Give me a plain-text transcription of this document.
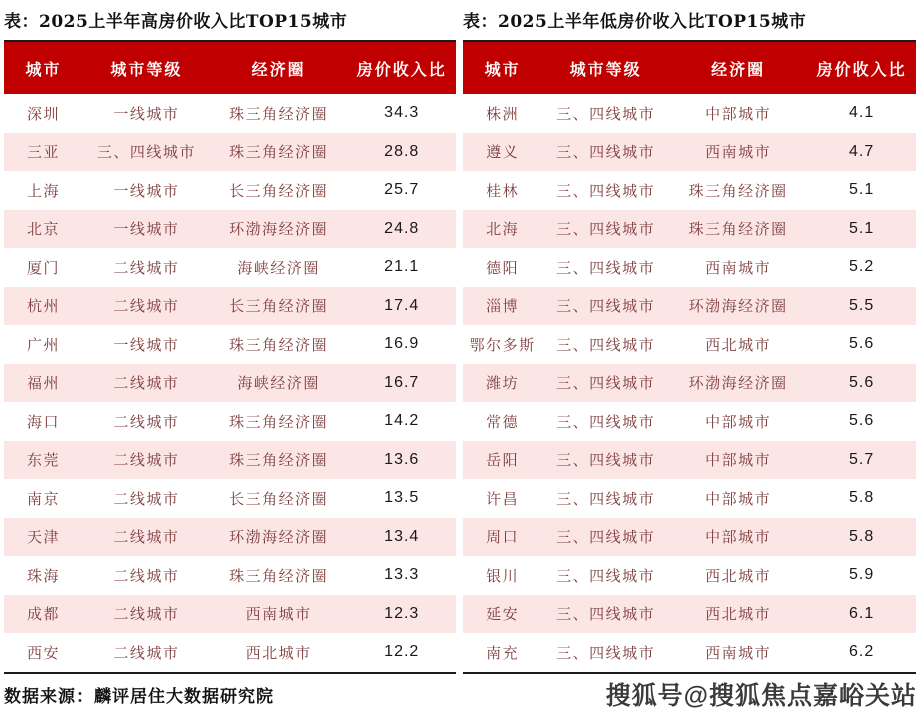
表：2025上半年高房价收入比TOP15城市
城市	城市等级	经济圈	房价收入比
深圳	一线城市	珠三角经济圈	34.3
三亚	三、四线城市	珠三角经济圈	28.8
上海	一线城市	长三角经济圈	25.7
北京	一线城市	环渤海经济圈	24.8
厦门	二线城市	海峡经济圈	21.1
杭州	二线城市	长三角经济圈	17.4
广州	一线城市	珠三角经济圈	16.9
福州	二线城市	海峡经济圈	16.7
海口	二线城市	珠三角经济圈	14.2
东莞	二线城市	珠三角经济圈	13.6
南京	二线城市	长三角经济圈	13.5
天津	二线城市	环渤海经济圈	13.4
珠海	二线城市	珠三角经济圈	13.3
成都	二线城市	西南城市	12.3
西安	二线城市	西北城市	12.2
表：2025上半年低房价收入比TOP15城市
城市	城市等级	经济圈	房价收入比
株洲	三、四线城市	中部城市	4.1
遵义	三、四线城市	西南城市	4.7
桂林	三、四线城市	珠三角经济圈	5.1
北海	三、四线城市	珠三角经济圈	5.1
德阳	三、四线城市	西南城市	5.2
淄博	三、四线城市	环渤海经济圈	5.5
鄂尔多斯	三、四线城市	西北城市	5.6
潍坊	三、四线城市	环渤海经济圈	5.6
常德	三、四线城市	中部城市	5.6
岳阳	三、四线城市	中部城市	5.7
许昌	三、四线城市	中部城市	5.8
周口	三、四线城市	中部城市	5.8
银川	三、四线城市	西北城市	5.9
延安	三、四线城市	西北城市	6.1
南充	三、四线城市	西南城市	6.2
数据来源：麟评居住大数据研究院	搜狐号@搜狐焦点嘉峪关站
